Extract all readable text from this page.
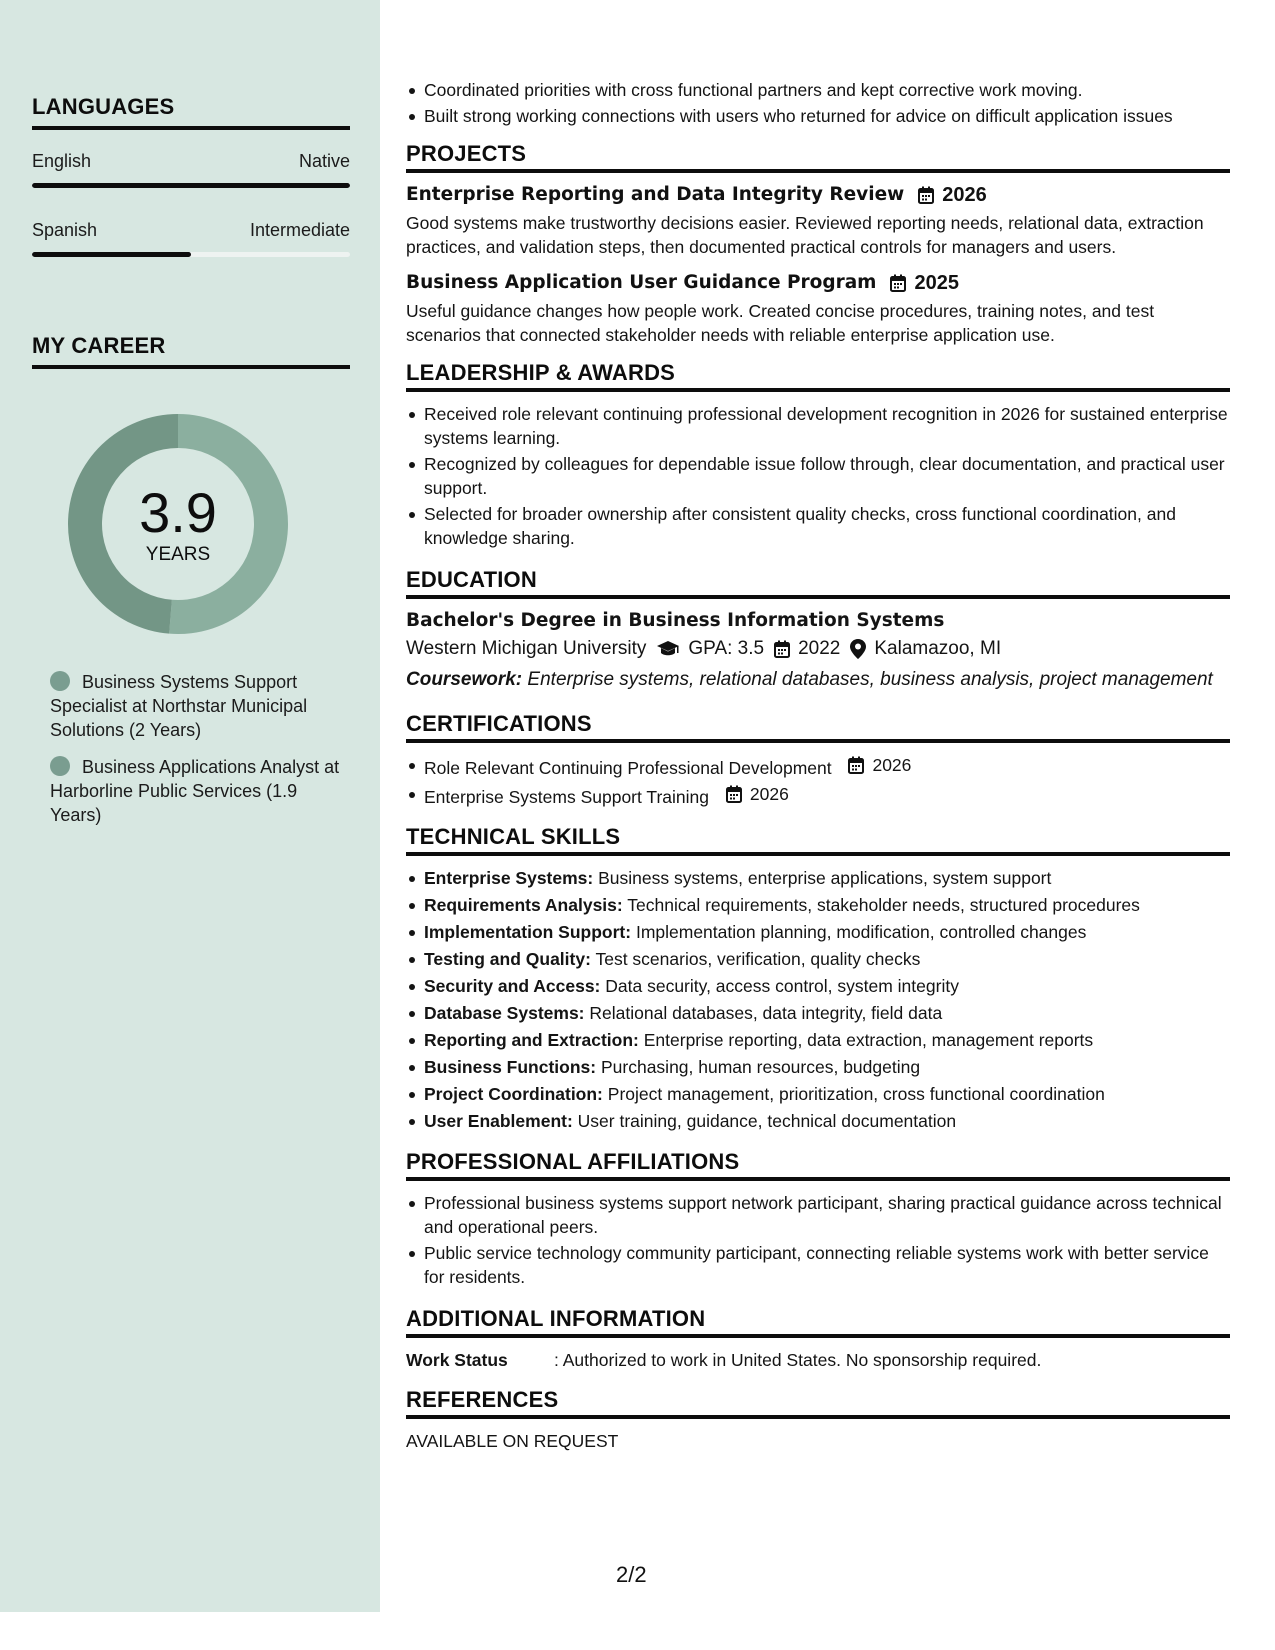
LANGUAGES
English	Native
Spanish	Intermediate
MY CAREER
3.9
YEARS
Business Systems Support Specialist at Northstar Municipal Solutions (2 Years)
Business Applications Analyst at Harborline Public Services (1.9 Years)
Coordinated priorities with cross functional partners and kept corrective work moving.
Built strong working connections with users who returned for advice on difficult application issues
PROJECTS
Enterprise Reporting and Data Integrity Review 2026
Good systems make trustworthy decisions easier. Reviewed reporting needs, relational data, extraction practices, and validation steps, then documented practical controls for managers and users.
Business Application User Guidance Program 2025
Useful guidance changes how people work. Created concise procedures, training notes, and test scenarios that connected stakeholder needs with reliable enterprise application use.
LEADERSHIP & AWARDS
Received role relevant continuing professional development recognition in 2026 for sustained enterprise systems learning.
Recognized by colleagues for dependable issue follow through, clear documentation, and practical user support.
Selected for broader ownership after consistent quality checks, cross functional coordination, and knowledge sharing.
EDUCATION
Bachelor's Degree in Business Information Systems
Western Michigan University GPA: 3.5 2022 Kalamazoo, MI
Coursework: Enterprise systems, relational databases, business analysis, project management
CERTIFICATIONS
Role Relevant Continuing Professional Development 2026
Enterprise Systems Support Training 2026
TECHNICAL SKILLS
Enterprise Systems: Business systems, enterprise applications, system support
Requirements Analysis: Technical requirements, stakeholder needs, structured procedures
Implementation Support: Implementation planning, modification, controlled changes
Testing and Quality: Test scenarios, verification, quality checks
Security and Access: Data security, access control, system integrity
Database Systems: Relational databases, data integrity, field data
Reporting and Extraction: Enterprise reporting, data extraction, management reports
Business Functions: Purchasing, human resources, budgeting
Project Coordination: Project management, prioritization, cross functional coordination
User Enablement: User training, guidance, technical documentation
PROFESSIONAL AFFILIATIONS
Professional business systems support network participant, sharing practical guidance across technical and operational peers.
Public service technology community participant, connecting reliable systems work with better service for residents.
ADDITIONAL INFORMATION
Work Status	: Authorized to work in United States. No sponsorship required.
REFERENCES
AVAILABLE ON REQUEST
2/2
